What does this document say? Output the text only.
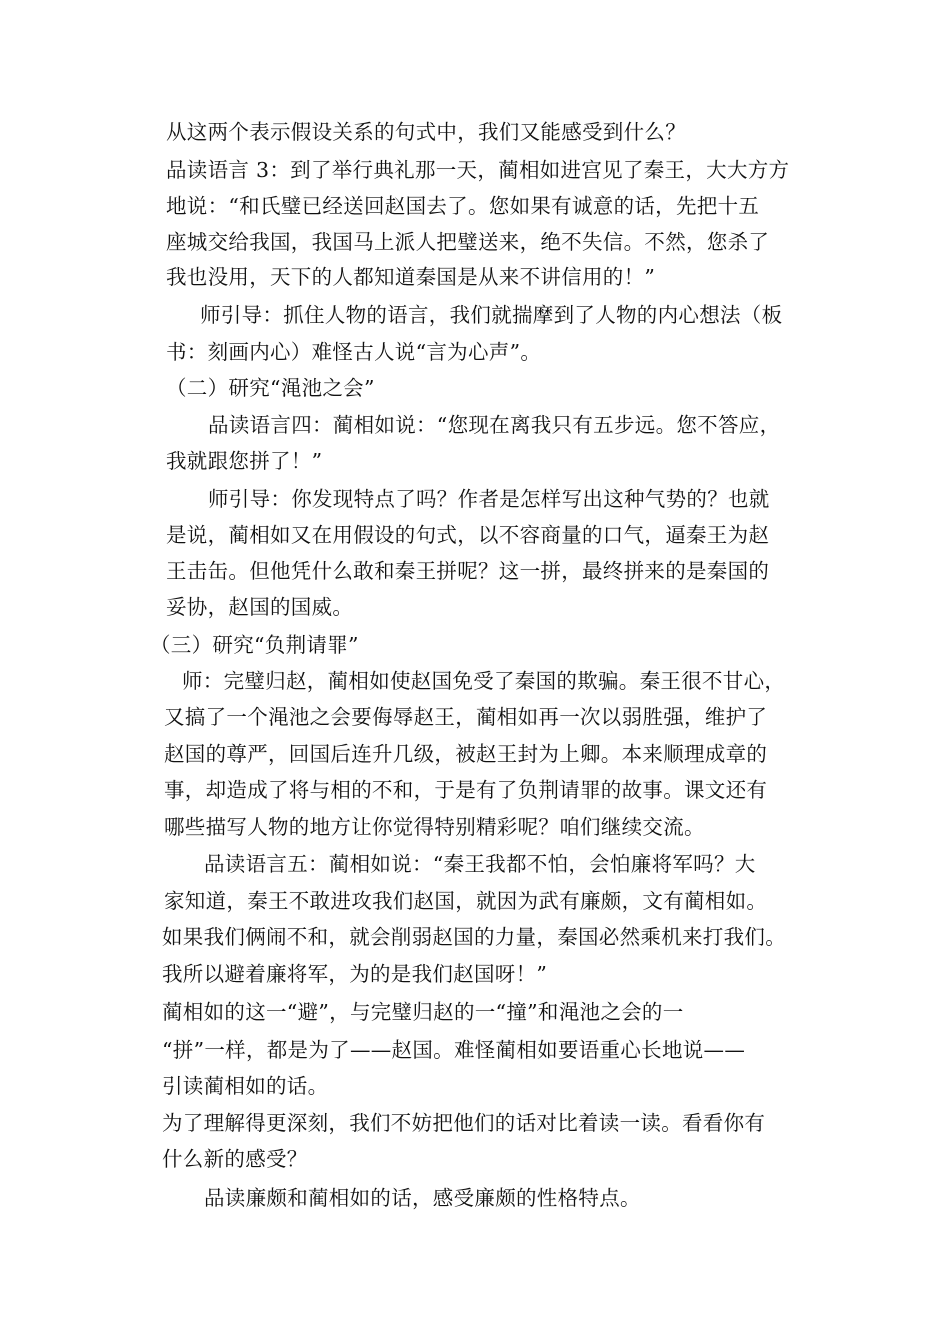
从这两个表示假设关系的句式中，我们又能感受到什么？
品读语言 3：到了举行典礼那一天，蔺相如进宫见了秦王，大大方方
地说：“和氏璧已经送回赵国去了。您如果有诚意的话，先把十五
座城交给我国，我国马上派人把璧送来，绝不失信。不然，您杀了
我也没用，天下的人都知道秦国是从来不讲信用的！”
师引导：抓住人物的语言，我们就揣摩到了人物的内心想法（板
书：刻画内心）难怪古人说“言为心声”。
（二）研究“渑池之会”
品读语言四：蔺相如说：“您现在离我只有五步远。您不答应，
我就跟您拼了！”
师引导：你发现特点了吗？作者是怎样写出这种气势的？也就
是说，蔺相如又在用假设的句式，以不容商量的口气，逼秦王为赵
王击缶。但他凭什么敢和秦王拼呢？这一拼，最终拼来的是秦国的
妥协，赵国的国威。
（三）研究“负荆请罪”
师：完璧归赵，蔺相如使赵国免受了秦国的欺骗。秦王很不甘心，
又搞了一个渑池之会要侮辱赵王，蔺相如再一次以弱胜强，维护了
赵国的尊严，回国后连升几级，被赵王封为上卿。本来顺理成章的
事，却造成了将与相的不和，于是有了负荆请罪的故事。课文还有
哪些描写人物的地方让你觉得特别精彩呢？咱们继续交流。
品读语言五：蔺相如说：“秦王我都不怕，会怕廉将军吗？大
家知道，秦王不敢进攻我们赵国，就因为武有廉颇，文有蔺相如。
如果我们俩闹不和，就会削弱赵国的力量，秦国必然乘机来打我们。
我所以避着廉将军，为的是我们赵国呀！”
蔺相如的这一“避”，与完璧归赵的一“撞”和渑池之会的一
“拼”一样，都是为了——赵国。难怪蔺相如要语重心长地说——
引读蔺相如的话。
为了理解得更深刻，我们不妨把他们的话对比着读一读。看看你有
什么新的感受？
品读廉颇和蔺相如的话，感受廉颇的性格特点。
